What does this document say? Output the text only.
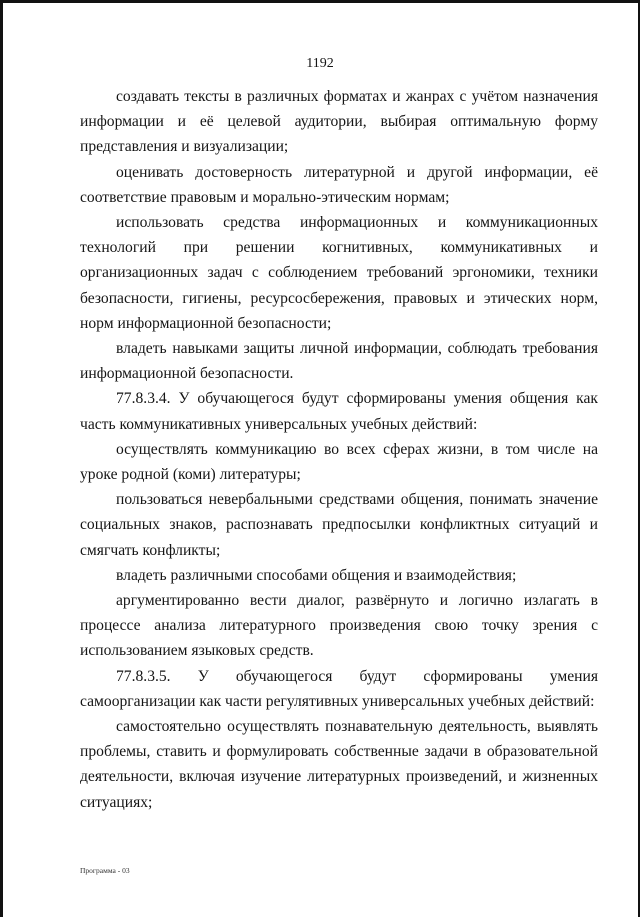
1192

создавать тексты в различных форматах и жанрах с учётом назначения информации и её целевой аудитории, выбирая оптимальную форму представления и визуализации;

оценивать достоверность литературной и другой информации, её соответствие правовым и морально-этическим нормам;

использовать средства информационных и коммуникационных технологий при решении когнитивных, коммуникативных и организационных задач с соблюдением требований эргономики, техники безопасности, гигиены, ресурсосбережения, правовых и этических норм, норм информационной безопасности;

владеть навыками защиты личной информации, соблюдать требования информационной безопасности.

77.8.3.4. У обучающегося будут сформированы умения общения как часть коммуникативных универсальных учебных действий:

осуществлять коммуникацию во всех сферах жизни, в том числе на уроке родной (коми) литературы;

пользоваться невербальными средствами общения, понимать значение социальных знаков, распознавать предпосылки конфликтных ситуаций и смягчать конфликты;

владеть различными способами общения и взаимодействия;

аргументированно вести диалог, развёрнуто и логично излагать в процессе анализа литературного произведения свою точку зрения с использованием языковых средств.

77.8.3.5. У обучающегося будут сформированы умения самоорганизации как части регулятивных универсальных учебных действий:

самостоятельно осуществлять познавательную деятельность, выявлять проблемы, ставить и формулировать собственные задачи в образовательной деятельности, включая изучение литературных произведений, и жизненных ситуациях;

Программа - 03
